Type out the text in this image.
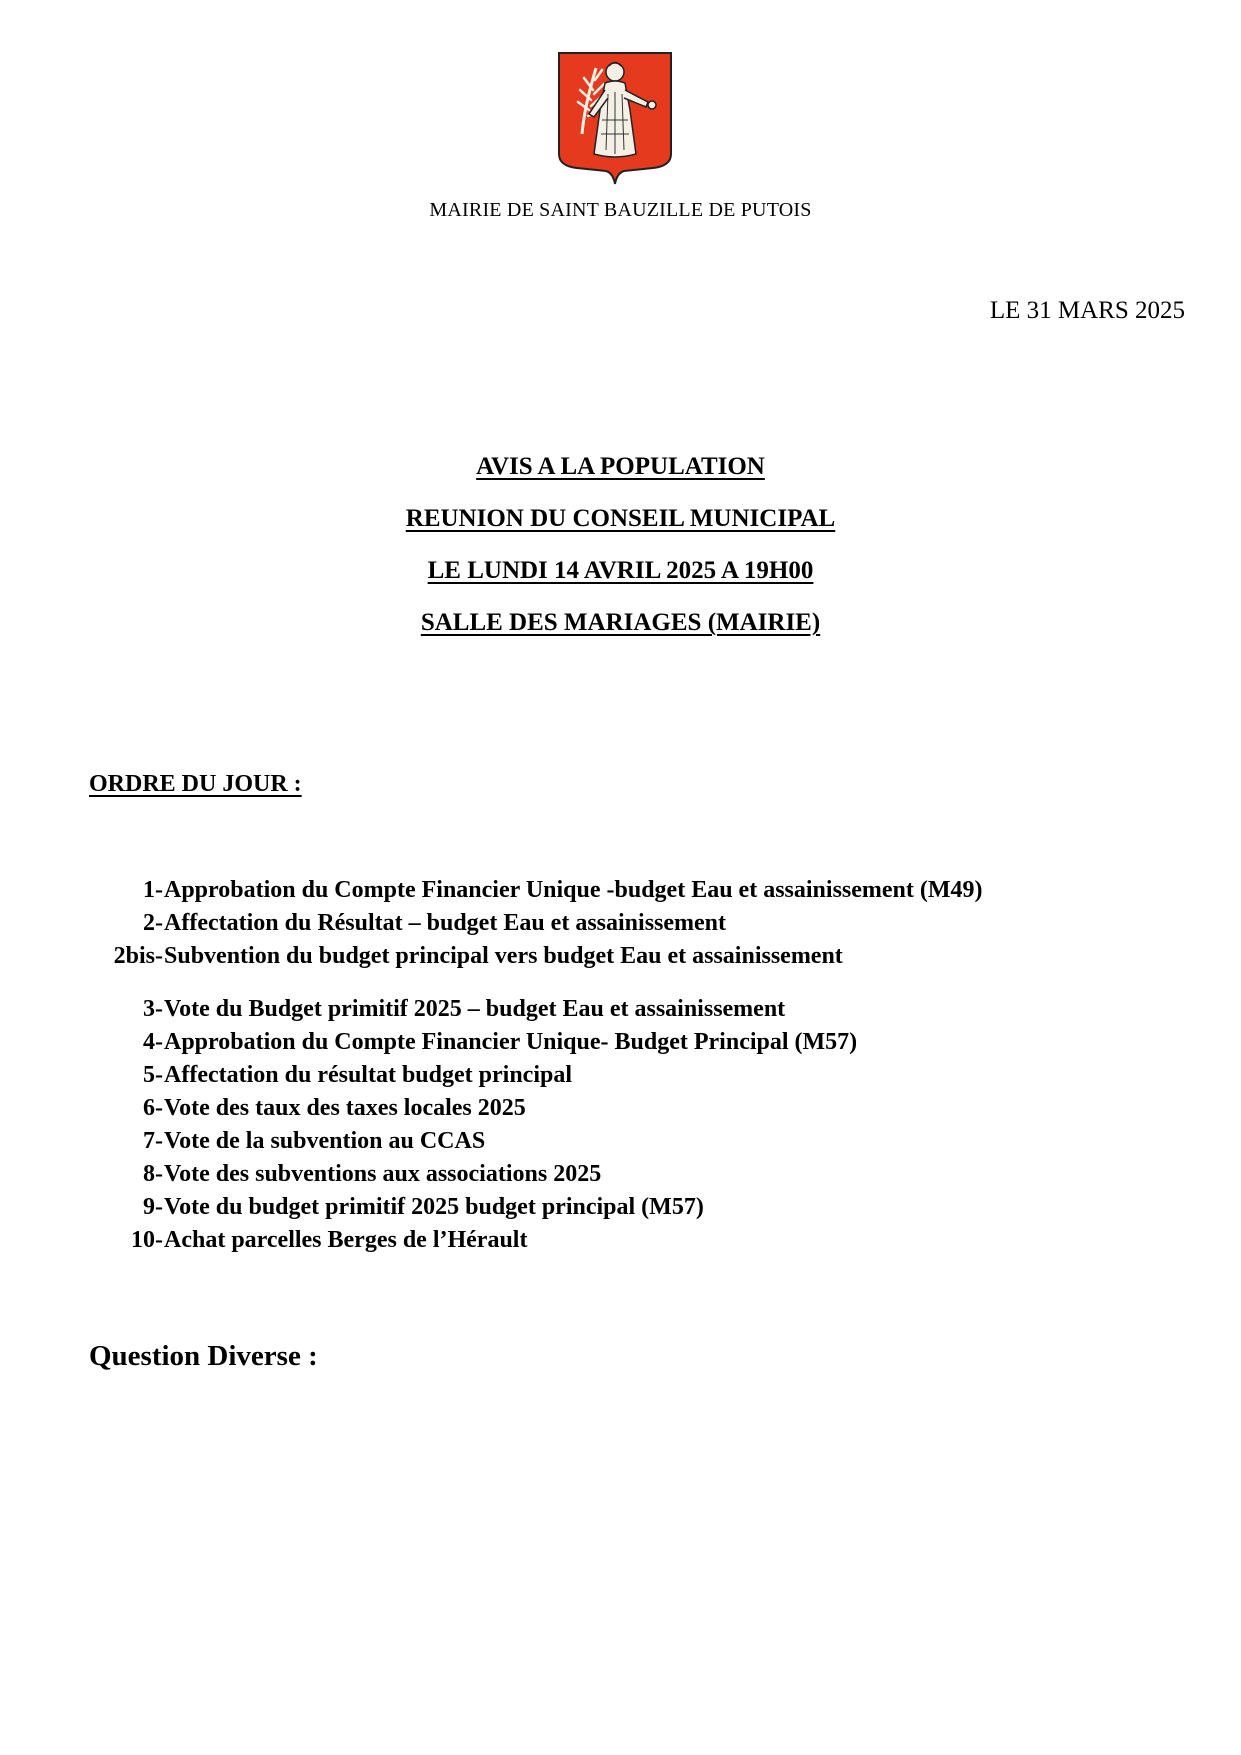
MAIRIE DE SAINT BAUZILLE DE PUTOIS
LE 31 MARS 2025
AVIS A LA POPULATION
REUNION DU CONSEIL MUNICIPAL
LE LUNDI 14 AVRIL 2025 A 19H00
SALLE DES MARIAGES (MAIRIE)
ORDRE DU JOUR :
1- Approbation du Compte Financier Unique -budget Eau et assainissement (M49)
2- Affectation du Résultat – budget Eau et assainissement
2bis- Subvention du budget principal vers budget Eau et assainissement
3- Vote du Budget primitif 2025 – budget Eau et assainissement
4- Approbation du Compte Financier Unique- Budget Principal (M57)
5- Affectation du résultat budget principal
6- Vote des taux des taxes locales 2025
7- Vote de la subvention au CCAS
8- Vote des subventions aux associations 2025
9- Vote du budget primitif 2025 budget principal (M57)
10- Achat parcelles Berges de l’Hérault
Question Diverse :
